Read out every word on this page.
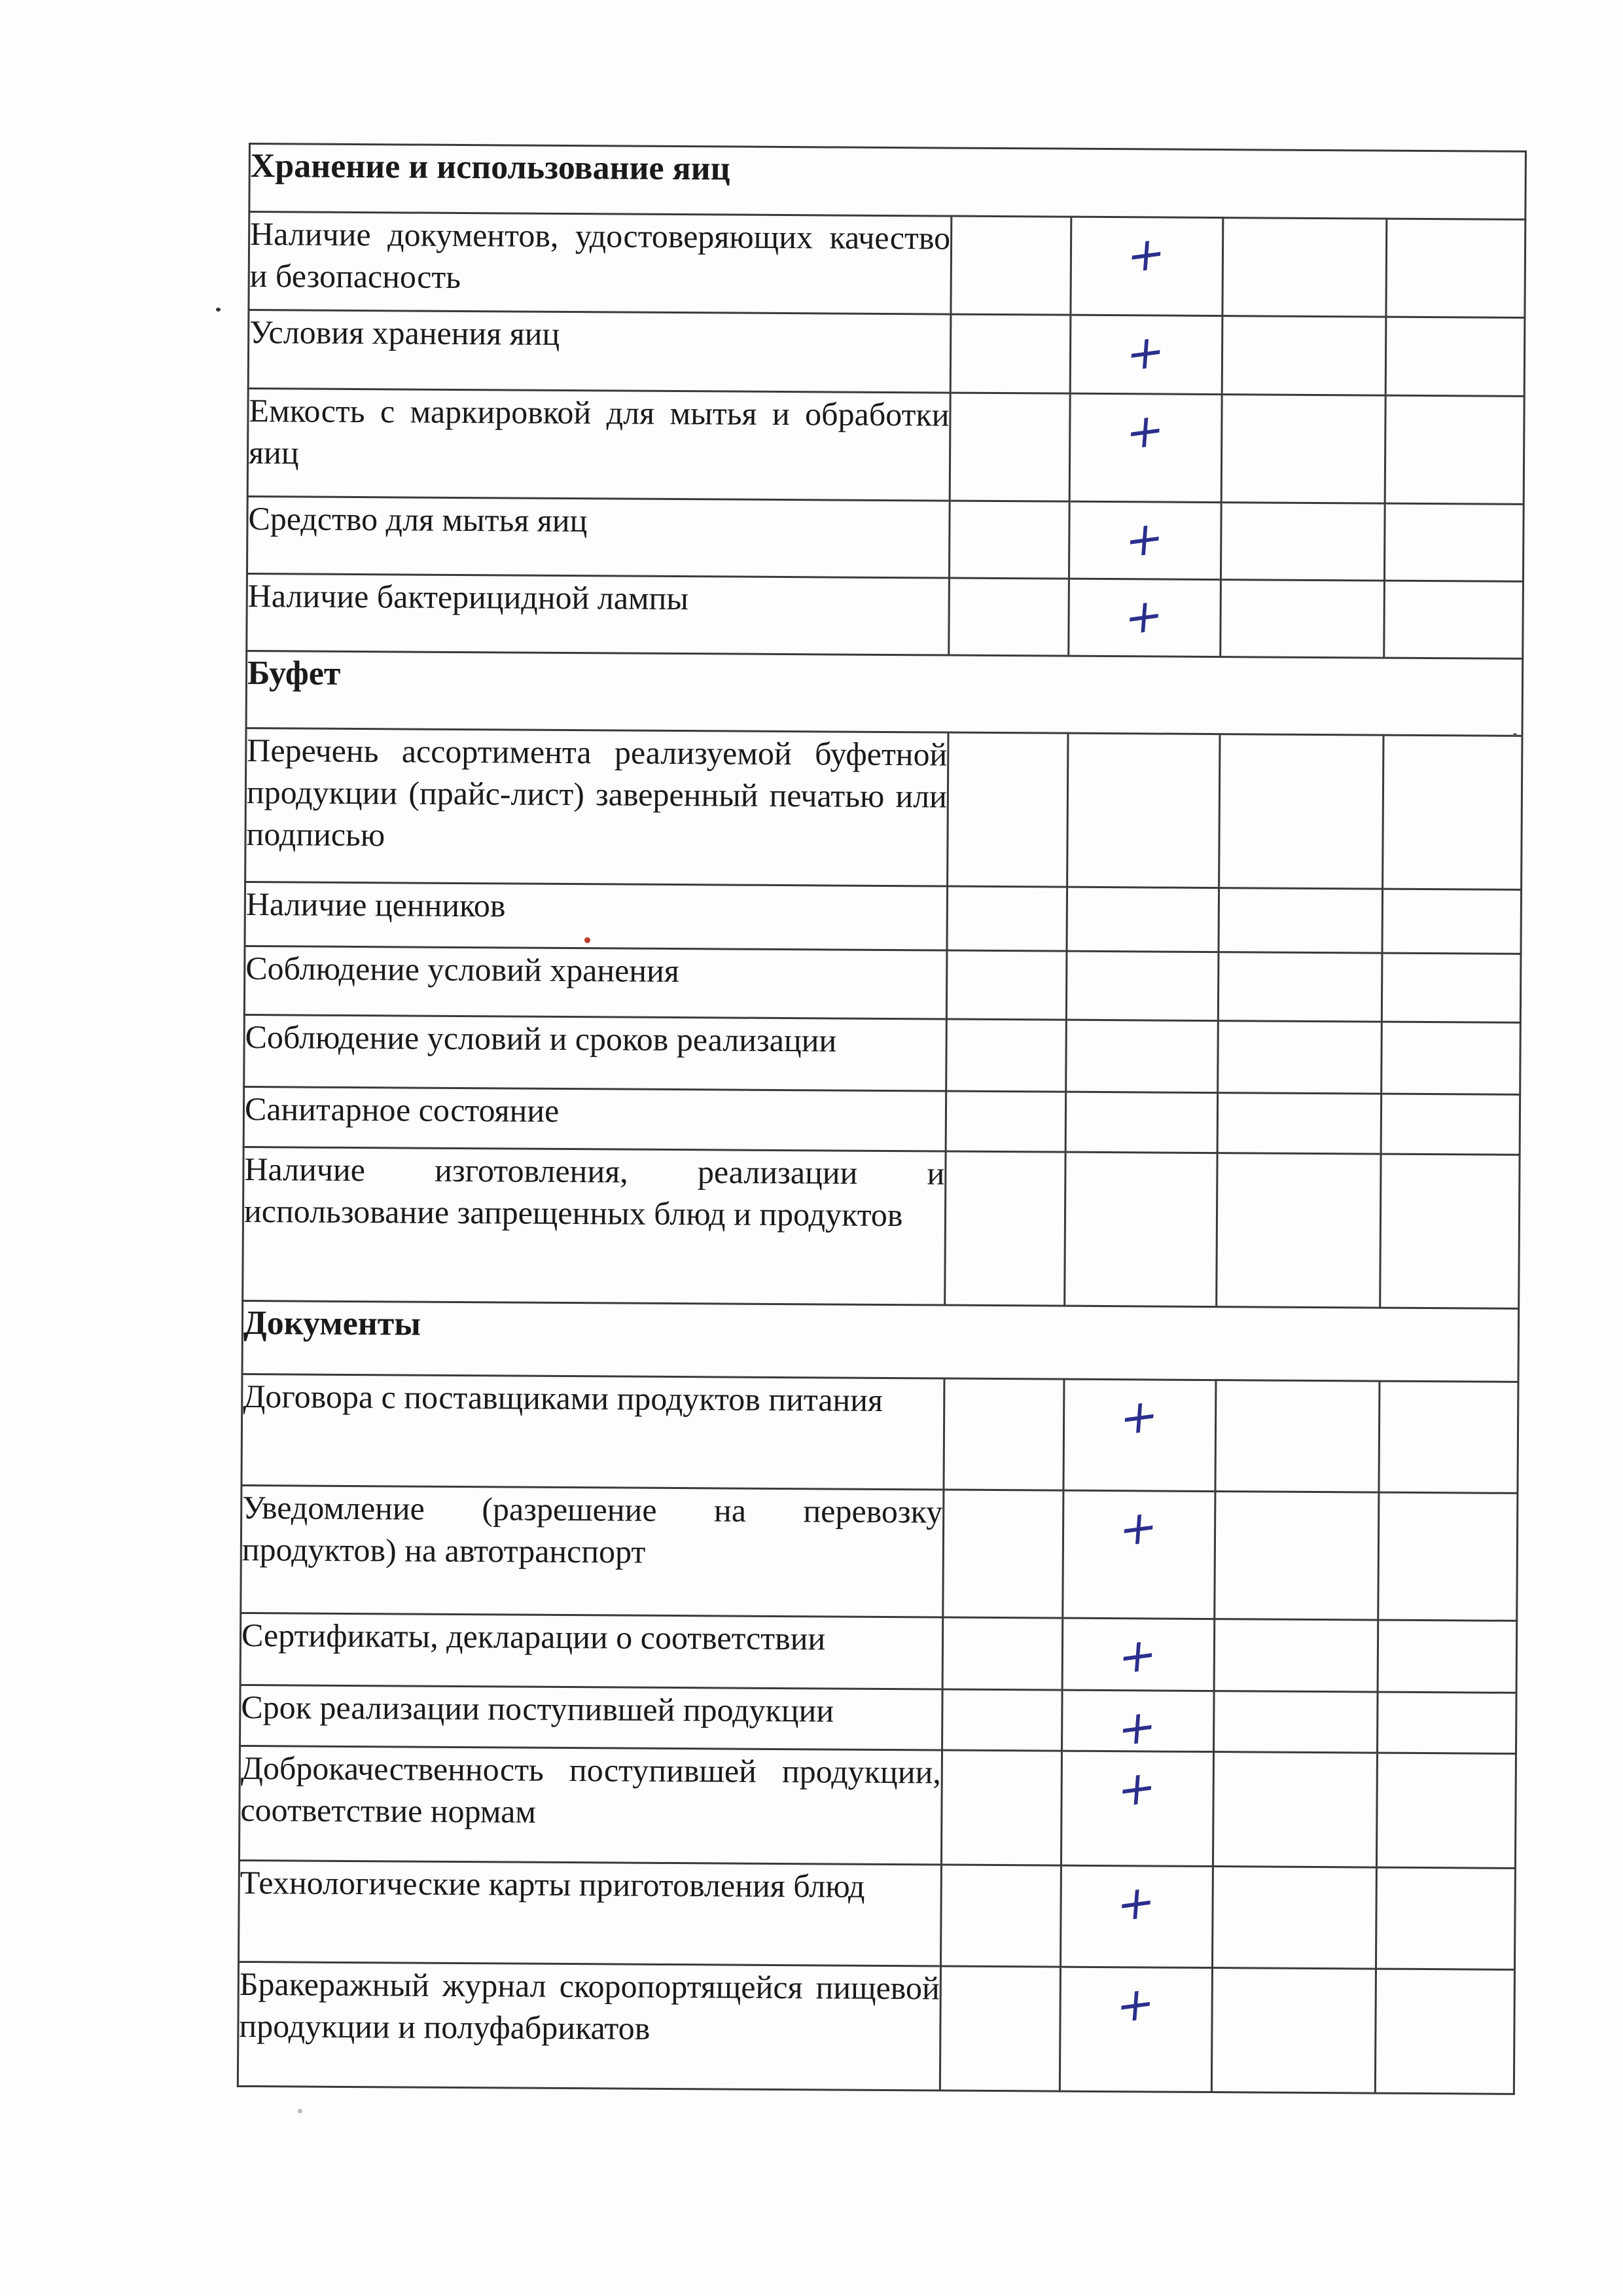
Хранение и использование яиц				
Наличие документов, удостоверяющих качество и безопасность		+		
Условия хранения яиц		+		
Емкость с маркировкой для мытья и обработки яиц		+		
Средство для мытья яиц		+		
Наличие бактерицидной лампы		+		
Буфет				
Перечень ассортимента реализуемой буфетной продукции (прайс-лист) заверенный печатью или подписью				
Наличие ценников				
Соблюдение условий хранения				
Соблюдение условий и сроков реализации				
Санитарное состояние				
Наличие изготовления, реализации и использование запрещенных блюд и продуктов				
Документы				
Договора с поставщиками продуктов питания		+		
Уведомление (разрешение на перевозку продуктов) на автотранспорт		+		
Сертификаты, декларации о соответствии		+		
Срок реализации поступившей продукции		+		
Доброкачественность поступившей продукции, соответствие нормам		+		
Технологические карты приготовления блюд		+		
Бракеражный журнал скоропортящейся пищевой продукции и полуфабрикатов		+		
